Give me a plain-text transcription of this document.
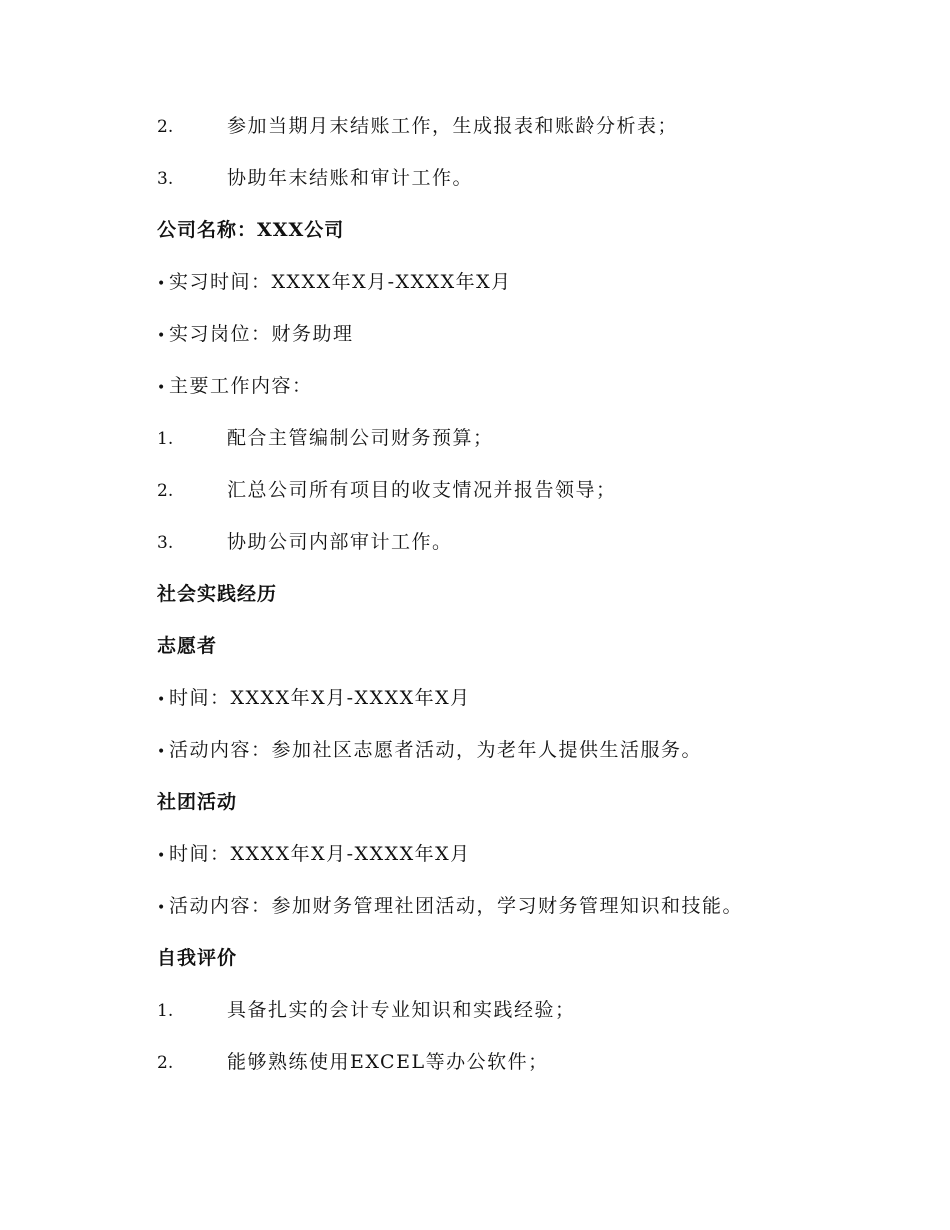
2.	参加当期月末结账工作，生成报表和账龄分析表；
3.	协助年末结账和审计工作。
公司名称：XXX公司
• 实习时间：XXXX年X月-XXXX年X月
• 实习岗位：财务助理
• 主要工作内容：
1.	配合主管编制公司财务预算；
2.	汇总公司所有项目的收支情况并报告领导；
3.	协助公司内部审计工作。
社会实践经历
志愿者
• 时间：XXXX年X月-XXXX年X月
• 活动内容：参加社区志愿者活动，为老年人提供生活服务。
社团活动
• 时间：XXXX年X月-XXXX年X月
• 活动内容：参加财务管理社团活动，学习财务管理知识和技能。
自我评价
1.	具备扎实的会计专业知识和实践经验；
2.	能够熟练使用EXCEL等办公软件；
